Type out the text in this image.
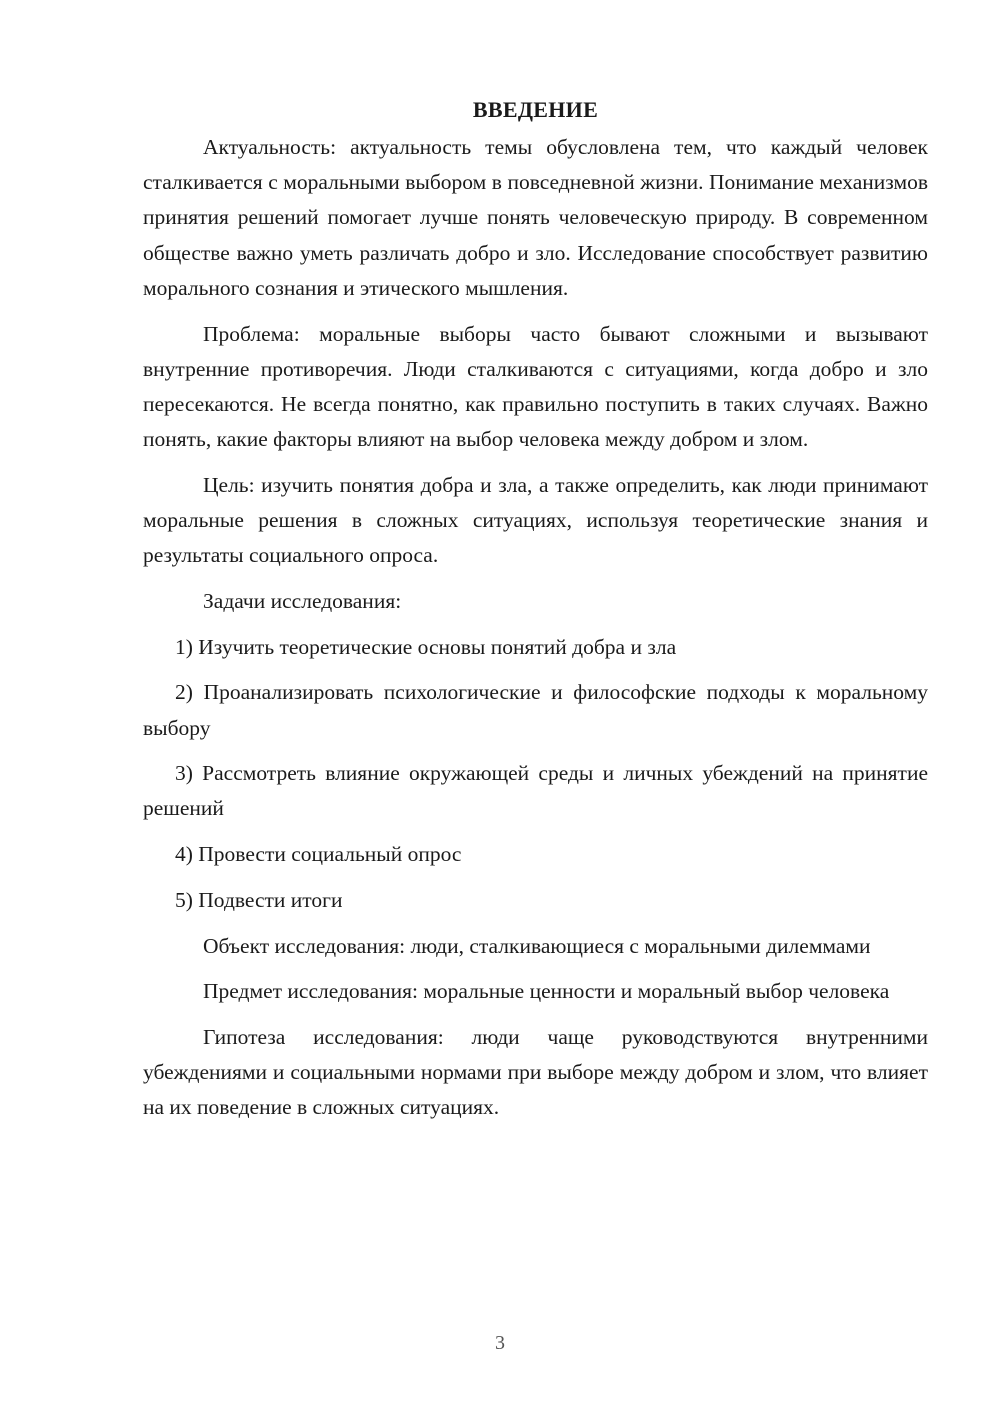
ВВЕДЕНИЕ

Актуальность: актуальность темы обусловлена тем, что каждый человек сталкивается с моральными выбором в повседневной жизни. Понимание механизмов принятия решений помогает лучше понять человеческую природу. В современном обществе важно уметь различать добро и зло. Исследование способствует развитию морального сознания и этического мышления.

Проблема: моральные выборы часто бывают сложными и вызывают внутренние противоречия. Люди сталкиваются с ситуациями, когда добро и зло пересекаются. Не всегда понятно, как правильно поступить в таких случаях. Важно понять, какие факторы влияют на выбор человека между добром и злом.

Цель: изучить понятия добра и зла, а также определить, как люди принимают моральные решения в сложных ситуациях, используя теоретические знания и результаты социального опроса.

Задачи исследования:

1) Изучить теоретические основы понятий добра и зла

2) Проанализировать психологические и философские подходы к моральному выбору

3) Рассмотреть влияние окружающей среды и личных убеждений на принятие решений

4) Провести социальный опрос

5) Подвести итоги

Объект исследования: люди, сталкивающиеся с моральными дилеммами

Предмет исследования: моральные ценности и моральный выбор человека

Гипотеза исследования: люди чаще руководствуются внутренними убеждениями и социальными нормами при выборе между добром и злом, что влияет на их поведение в сложных ситуациях.

3
